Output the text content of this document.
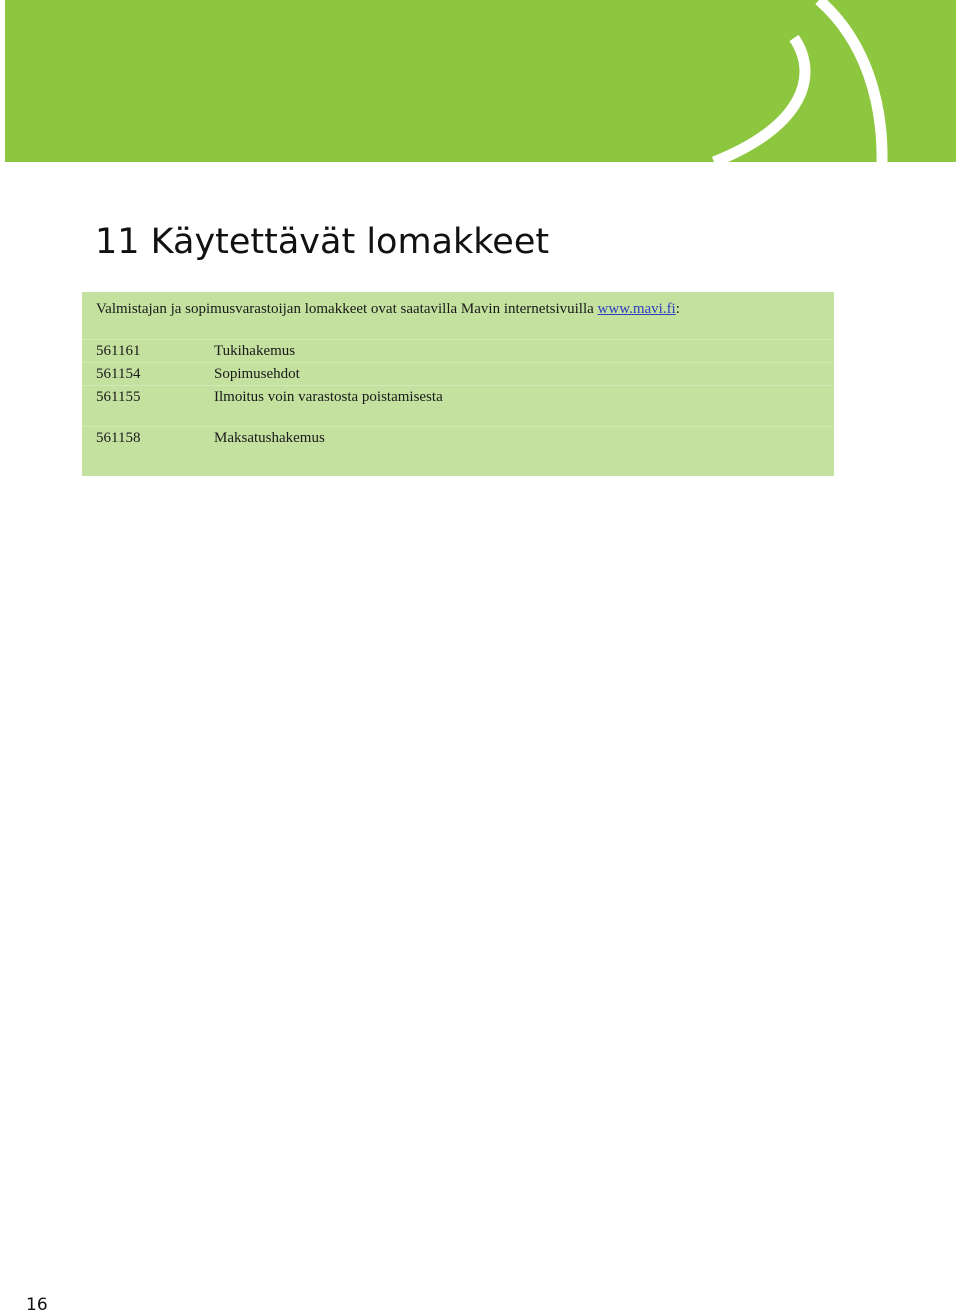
11 Käytettävät lomakkeet
Valmistajan ja sopimusvarastoijan lomakkeet ovat saatavilla Mavin internetsivuilla www.mavi.fi:
561161	Tukihakemus
561154	Sopimusehdot
561155	Ilmoitus voin varastosta poistamisesta
561158	Maksatushakemus
16
